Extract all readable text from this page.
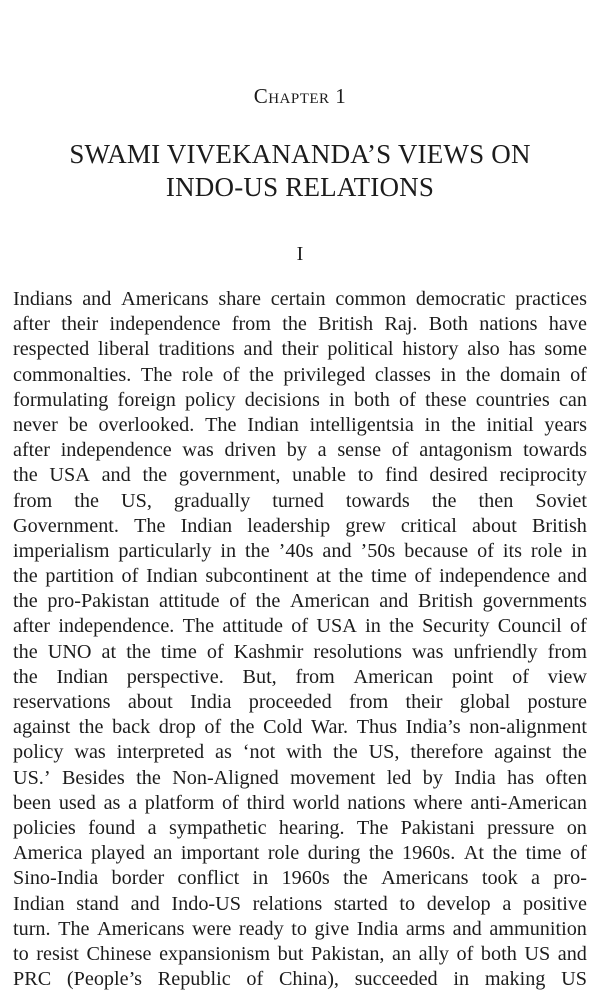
Chapter 1
SWAMI VIVEKANANDA’S VIEWS ON
INDO-US RELATIONS
I
Indians and Americans share certain common democratic practices
after their independence from the British Raj. Both nations have
respected liberal traditions and their political history also has some
commonalties. The role of the privileged classes in the domain of
formulating foreign policy decisions in both of these countries can
never be overlooked. The Indian intelligentsia in the initial years
after independence was driven by a sense of antagonism towards
the USA and the government, unable to find desired reciprocity
from the US, gradually turned towards the then Soviet
Government. The Indian leadership grew critical about British
imperialism particularly in the ’40s and ’50s because of its role in
the partition of Indian subcontinent at the time of independence and
the pro-Pakistan attitude of the American and British governments
after independence. The attitude of USA in the Security Council of
the UNO at the time of Kashmir resolutions was unfriendly from
the Indian perspective. But, from American point of view
reservations about India proceeded from their global posture
against the back drop of the Cold War. Thus India’s non-alignment
policy was interpreted as ‘not with the US, therefore against the
US.’ Besides the Non-Aligned movement led by India has often
been used as a platform of third world nations where anti-American
policies found a sympathetic hearing. The Pakistani pressure on
America played an important role during the 1960s. At the time of
Sino-India border conflict in 1960s the Americans took a pro-
Indian stand and Indo-US relations started to develop a positive
turn. The Americans were ready to give India arms and ammunition
to resist Chinese expansionism but Pakistan, an ally of both US and
PRC (People’s Republic of China), succeeded in making US
